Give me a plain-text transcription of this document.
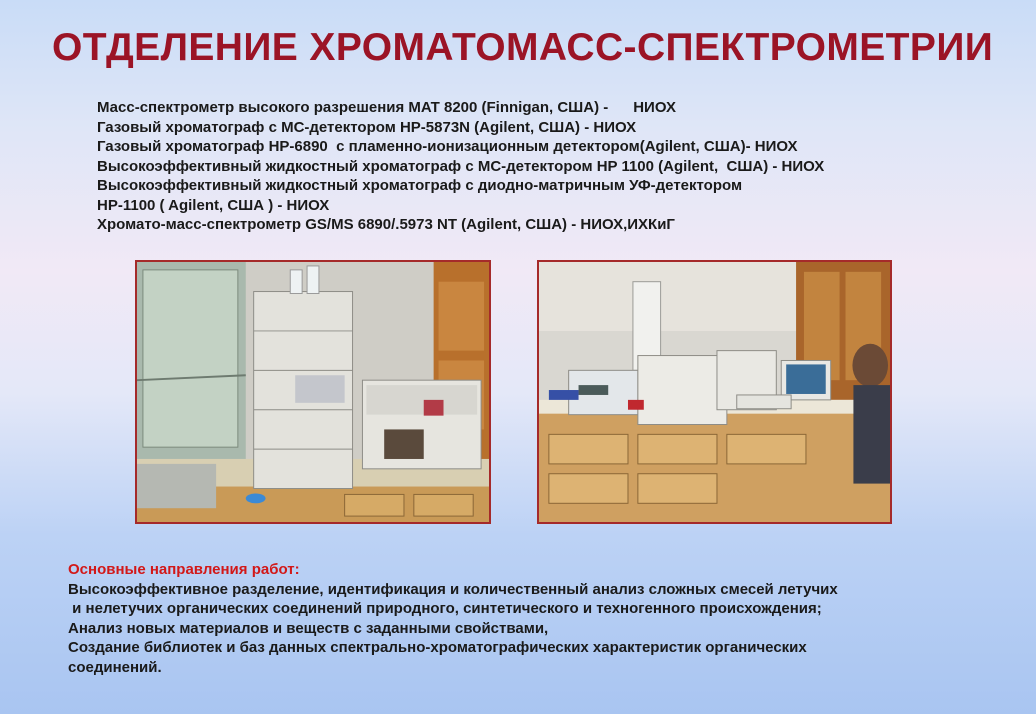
ОТДЕЛЕНИЕ ХРОМАТОМАСС-СПЕКТРОМЕТРИИ
Масс-спектрометр высокого разрешения MAT 8200 (Finnigan, США) -      НИОХ
Газовый хроматограф с МС-детектором HP-5873N (Agilent, США) - НИОХ
Газовый хроматограф HP-6890  с пламенно-ионизационным детектором(Agilent, США)- НИОХ
Высокоэффективный жидкостный хроматограф с МС-детектором HP 1100 (Agilent,  США) - НИОХ
Высокоэффективный жидкостный хроматограф с диодно-матричным УФ-детектором
HP-1100 ( Agilent, США ) - НИОХ
Хромато-масс-спектрометр GS/MS 6890/.5973 NT (Agilent, США) - НИОХ,ИХКиГ
Основные направления работ:
Высокоэффективное разделение, идентификация и количественный анализ сложных смесей летучих
и нелетучих органических соединений природного, синтетического и техногенного происхождения;
Анализ новых материалов и веществ с заданными свойствами,
Создание библиотек и баз данных спектрально-хроматографических характеристик органических
соединений.
